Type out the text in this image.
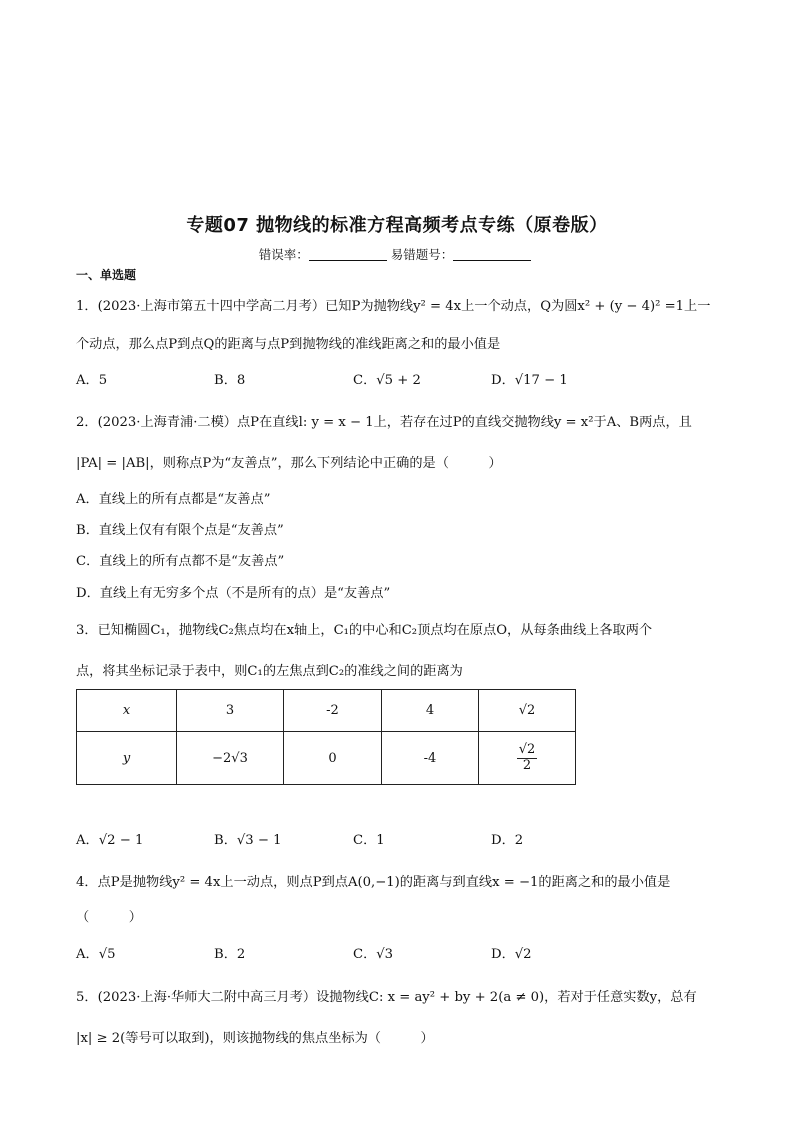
专题07 抛物线的标准方程高频考点专练（原卷版）
错误率：	易错题号：
一、单选题
1．(2023·上海市第五十四中学高二月考）已知P为抛物线y² = 4x上一个动点，Q为圆x² + (y − 4)² =1上一
个动点，那么点P到点Q的距离与点P到抛物线的准线距离之和的最小值是
A．5	B．8	C．√5 + 2	D．√17 − 1
2．(2023·上海青浦·二模）点P在直线l: y = x − 1上，若存在过P的直线交抛物线y = x²于A、B两点，且
|PA| = |AB|，则称点P为“友善点”，那么下列结论中正确的是（　　　）
A．直线上的所有点都是“友善点”
B．直线上仅有有限个点是“友善点”
C．直线上的所有点都不是“友善点”
D．直线上有无穷多个点（不是所有的点）是“友善点”
3．已知椭圆C₁，抛物线C₂焦点均在x轴上，C₁的中心和C₂顶点均在原点O，从每条曲线上各取两个
点，将其坐标记录于表中，则C₁的左焦点到C₂的准线之间的距离为
x	3	-2	4	√2
y	−2√3	0	-4	$\frac{√2}{2}$
A．√2 − 1	B．√3 − 1	C．1	D．2
4．点P是抛物线y² = 4x上一动点，则点P到点A(0,−1)的距离与到直线x = −1的距离之和的最小值是
（　　　）
A．√5	B．2	C．√3	D．√2
5．(2023·上海·华师大二附中高三月考）设抛物线C: x = ay² + by + 2(a ≠ 0)，若对于任意实数y，总有
|x| ≥ 2(等号可以取到)，则该抛物线的焦点坐标为（　　　）
